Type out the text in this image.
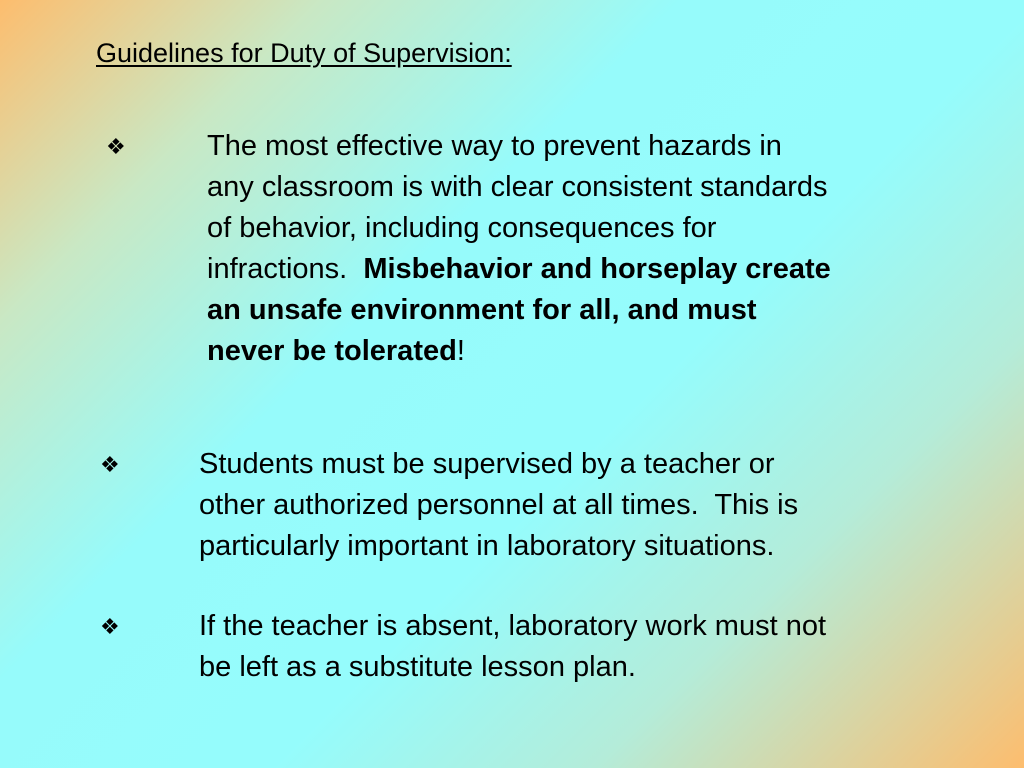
Guidelines for Duty of Supervision:
❖	The most effective way to prevent hazards in
any classroom is with clear consistent standards
of behavior, including consequences for
infractions.  Misbehavior and horseplay create
an unsafe environment for all, and must
never be tolerated!
❖	Students must be supervised by a teacher or
other authorized personnel at all times.  This is
particularly important in laboratory situations.
❖	If the teacher is absent, laboratory work must not
be left as a substitute lesson plan.
